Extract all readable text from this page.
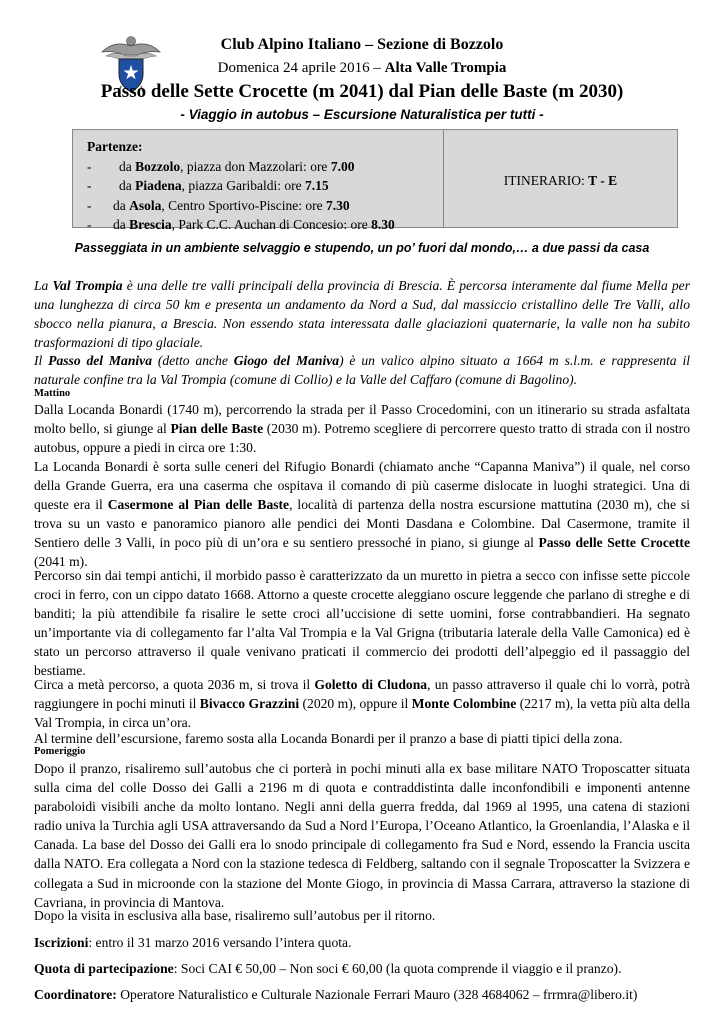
Club Alpino Italiano – Sezione di Bozzolo
Domenica 24 aprile 2016 – Alta Valle Trompia
Passo delle Sette Crocette (m 2041) dal Pian delle Baste (m 2030)
- Viaggio in autobus – Escursione Naturalistica per tutti -
Partenze:
- da Bozzolo, piazza don Mazzolari: ore 7.00
- da Piadena, piazza Garibaldi: ore 7.15
- da Asola, Centro Sportivo-Piscine: ore 7.30
- da Brescia, Park C.C. Auchan di Concesio: ore 8.30
ITINERARIO: T - E
Passeggiata in un ambiente selvaggio e stupendo, un po’ fuori dal mondo,… a due passi da casa
La Val Trompia è una delle tre valli principali della provincia di Brescia. È percorsa interamente dal fiume Mella per una lunghezza di circa 50 km e presenta un andamento da Nord a Sud, dal massiccio cristallino delle Tre Valli, allo sbocco nella pianura, a Brescia. Non essendo stata interessata dalle glaciazioni quaternarie, la valle non ha subito trasformazioni di tipo glaciale.
Il Passo del Maniva (detto anche Giogo del Maniva) è un valico alpino situato a 1664 m s.l.m. e rappresenta il naturale confine tra la Val Trompia (comune di Collio) e la Valle del Caffaro (comune di Bagolino).
Mattino
Dalla Locanda Bonardi (1740 m), percorrendo la strada per il Passo Crocedomini, con un itinerario su strada asfaltata molto bello, si giunge al Pian delle Baste (2030 m). Potremo scegliere di percorrere questo tratto di strada con il nostro autobus, oppure a piedi in circa ore 1:30.
La Locanda Bonardi è sorta sulle ceneri del Rifugio Bonardi (chiamato anche “Capanna Maniva”) il quale, nel corso della Grande Guerra, era una caserma che ospitava il comando di più caserme dislocate in luoghi strategici. Una di queste era il Casermone al Pian delle Baste, località di partenza della nostra escursione mattutina (2030 m), che si trova su un vasto e panoramico pianoro alle pendici dei Monti Dasdana e Colombine. Dal Casermone, tramite il Sentiero delle 3 Valli, in poco più di un’ora e su sentiero pressoché in piano, si giunge al Passo delle Sette Crocette (2041 m).
Percorso sin dai tempi antichi, il morbido passo è caratterizzato da un muretto in pietra a secco con infisse sette piccole croci in ferro, con un cippo datato 1668. Attorno a queste crocette aleggiano oscure leggende che parlano di streghe e di banditi; la più attendibile fa risalire le sette croci all’uccisione di sette uomini, forse contrabbandieri. Ha segnato un’importante via di collegamento far l’alta Val Trompia e la Val Grigna (tributaria laterale della Valle Camonica) ed è stato un percorso attraverso il quale venivano praticati il commercio dei prodotti dell’alpeggio ed il passaggio del bestiame.
Circa a metà percorso, a quota 2036 m, si trova il Goletto di Cludona, un passo attraverso il quale chi lo vorrà, potrà raggiungere in pochi minuti il Bivacco Grazzini (2020 m), oppure il Monte Colombine (2217 m), la vetta più alta della Val Trompia, in circa un’ora.
Al termine dell’escursione, faremo sosta alla Locanda Bonardi per il pranzo a base di piatti tipici della zona.
Pomeriggio
Dopo il pranzo, risaliremo sull’autobus che ci porterà in pochi minuti alla ex base militare NATO Troposcatter situata sulla cima del colle Dosso dei Galli a 2196 m di quota e contraddistinta dalle inconfondibili e imponenti antenne paraboloidi visibili anche da molto lontano. Negli anni della guerra fredda, dal 1969 al 1995, una catena di stazioni radio univa la Turchia agli USA attraversando da Sud a Nord l’Europa, l’Oceano Atlantico, la Groenlandia, l’Alaska e il Canada. La base del Dosso dei Galli era lo snodo principale di collegamento fra Sud e Nord, essendo la Francia uscita dalla NATO. Era collegata a Nord con la stazione tedesca di Feldberg, saltando con il segnale Troposcatter la Svizzera e collegata a Sud in microonde con la stazione del Monte Giogo, in provincia di Massa Carrara, attraverso la stazione di Cavriana, in provincia di Mantova.
Dopo la visita in esclusiva alla base, risaliremo sull’autobus per il ritorno.
Iscrizioni: entro il 31 marzo 2016 versando l’intera quota.
Quota di partecipazione: Soci CAI € 50,00 – Non soci € 60,00 (la quota comprende il viaggio e il pranzo).
Coordinatore: Operatore Naturalistico e Culturale Nazionale Ferrari Mauro (328 4684062 – frrmra@libero.it)
